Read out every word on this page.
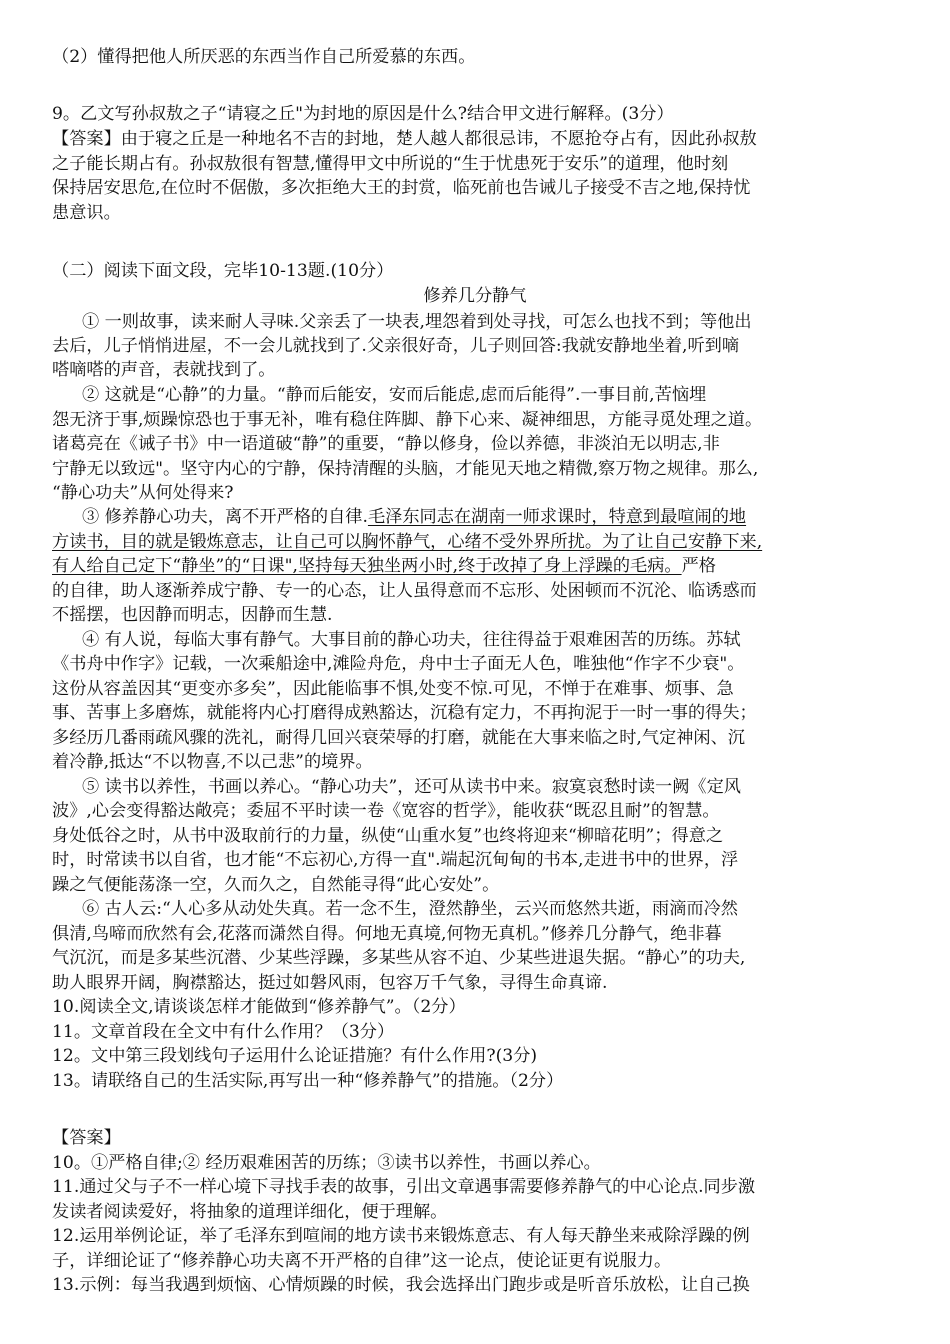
（2）懂得把他人所厌恶的东西当作自己所爱慕的东西。
9。乙文写孙叔敖之子“请寝之丘"为封地的原因是什么?结合甲文进行解释。(3分）
【答案】由于寝之丘是一种地名不吉的封地，楚人越人都很忌讳，不愿抢夺占有，因此孙叔敖
之子能长期占有。孙叔敖很有智慧,懂得甲文中所说的“生于忧患死于安乐”的道理，他时刻
保持居安思危,在位时不倨傲，多次拒绝大王的封赏，临死前也告诫儿子接受不吉之地,保持忧
患意识。
（二）阅读下面文段，完毕10-13题.(10分）
修养几分静气
① 一则故事，读来耐人寻味.父亲丢了一块表,埋怨着到处寻找，可怎么也找不到；等他出
去后，儿子悄悄进屋，不一会儿就找到了.父亲很好奇，儿子则回答:我就安静地坐着,听到嘀
嗒嘀嗒的声音，表就找到了。
② 这就是“心静”的力量。“静而后能安，安而后能虑,虑而后能得”.一事目前,苦恼埋
怨无济于事,烦躁惊恐也于事无补，唯有稳住阵脚、静下心来、凝神细思，方能寻觅处理之道。
诸葛亮在《诫子书》中一语道破“静”的重要，“静以修身，俭以养德，非淡泊无以明志,非
宁静无以致远"。坚守内心的宁静，保持清醒的头脑，才能见天地之精微,察万物之规律。那么,
“静心功夫”从何处得来?
③ 修养静心功夫，离不开严格的自律.毛泽东同志在湖南一师求课时，特意到最喧闹的地
方读书，目的就是锻炼意志，让自己可以胸怀静气，心绪不受外界所扰。为了让自己安静下来,
有人给自己定下“静坐”的“日课",坚持每天独坐两小时,终于改掉了身上浮躁的毛病。严格
的自律，助人逐渐养成宁静、专一的心态，让人虽得意而不忘形、处困顿而不沉沦、临诱惑而
不摇摆，也因静而明志，因静而生慧.
④ 有人说，每临大事有静气。大事目前的静心功夫，往往得益于艰难困苦的历练。苏轼
《书舟中作字》记载，一次乘船途中,滩险舟危，舟中士子面无人色，唯独他“作字不少衰"。
这份从容盖因其“更变亦多矣”，因此能临事不惧,处变不惊.可见，不惮于在难事、烦事、急
事、苦事上多磨炼，就能将内心打磨得成熟豁达，沉稳有定力，不再拘泥于一时一事的得失；
多经历几番雨疏风骤的洗礼，耐得几回兴衰荣辱的打磨，就能在大事来临之时,气定神闲、沉
着冷静,抵达“不以物喜,不以己悲”的境界。
⑤ 读书以养性，书画以养心。“静心功夫”，还可从读书中来。寂寞哀愁时读一阙《定风
波》,心会变得豁达敞亮；委屈不平时读一卷《宽容的哲学》，能收获“既忍且耐”的智慧。
身处低谷之时，从书中汲取前行的力量，纵使“山重水复”也终将迎来“柳暗花明”；得意之
时，时常读书以自省，也才能“不忘初心,方得一直".端起沉甸甸的书本,走进书中的世界，浮
躁之气便能荡涤一空，久而久之，自然能寻得“此心安处”。
⑥ 古人云:“人心多从动处失真。若一念不生，澄然静坐，云兴而悠然共逝，雨滴而冷然
俱清,鸟啼而欣然有会,花落而潇然自得。何地无真境,何物无真机。”修养几分静气，绝非暮
气沉沉，而是多某些沉潜、少某些浮躁，多某些从容不迫、少某些进退失据。“静心”的功夫,
助人眼界开阔，胸襟豁达，挺过如磐风雨，包容万千气象，寻得生命真谛.
10.阅读全文,请谈谈怎样才能做到“修养静气”。（2分）
11。文章首段在全文中有什么作用？（3分）
12。文中第三段划线句子运用什么论证措施？有什么作用?(3分)
13。请联络自己的生活实际,再写出一种“修养静气”的措施。（2分）
【答案】
10。①严格自律;② 经历艰难困苦的历练；③读书以养性，书画以养心。
11.通过父与子不一样心境下寻找手表的故事，引出文章遇事需要修养静气的中心论点.同步激
发读者阅读爱好，将抽象的道理详细化，便于理解。
12.运用举例论证，举了毛泽东到喧闹的地方读书来锻炼意志、有人每天静坐来戒除浮躁的例
子，详细论证了“修养静心功夫离不开严格的自律”这一论点，使论证更有说服力。
13.示例：每当我遇到烦恼、心情烦躁的时候，我会选择出门跑步或是听音乐放松，让自己换
